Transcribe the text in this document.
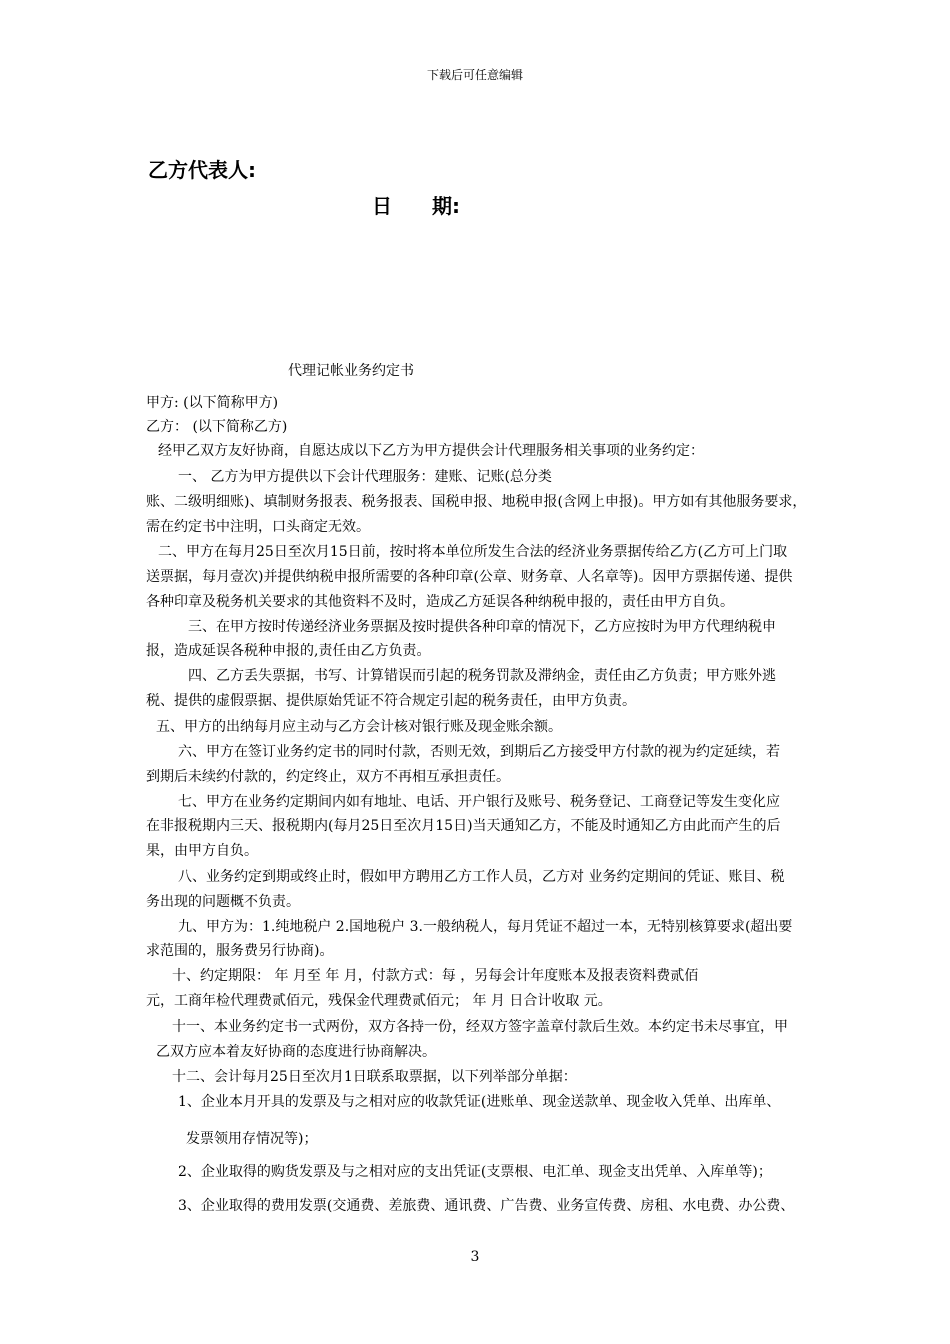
下载后可任意编辑
乙方代表人:
日　　期:
代理记帐业务约定书
甲方: (以下简称甲方)
乙方： (以下简称乙方)
经甲乙双方友好协商，自愿达成以下乙方为甲方提供会计代理服务相关事项的业务约定：
一、 乙方为甲方提供以下会计代理服务：建账、记账(总分类
账、二级明细账)、填制财务报表、税务报表、国税申报、地税申报(含网上申报)。甲方如有其他服务要求，
需在约定书中注明，口头商定无效。
二、甲方在每月25日至次月15日前，按时将本单位所发生合法的经济业务票据传给乙方(乙方可上门取
送票据，每月壹次)并提供纳税申报所需要的各种印章(公章、财务章、人名章等)。因甲方票据传递、提供
各种印章及税务机关要求的其他资料不及时，造成乙方延误各种纳税申报的，责任由甲方自负。
三、在甲方按时传递经济业务票据及按时提供各种印章的情况下，乙方应按时为甲方代理纳税申
报，造成延误各税种申报的,责任由乙方负责。
四、乙方丢失票据，书写、计算错误而引起的税务罚款及滞纳金，责任由乙方负责；甲方账外逃
税、提供的虚假票据、提供原始凭证不符合规定引起的税务责任，由甲方负责。
五、甲方的出纳每月应主动与乙方会计核对银行账及现金账余额。
六、甲方在签订业务约定书的同时付款，否则无效，到期后乙方接受甲方付款的视为约定延续，若
到期后未续约付款的，约定终止，双方不再相互承担责任。
七、甲方在业务约定期间内如有地址、电话、开户银行及账号、税务登记、工商登记等发生变化应
在非报税期内三天、报税期内(每月25日至次月15日)当天通知乙方，不能及时通知乙方由此而产生的后
果，由甲方自负。
八、业务约定到期或终止时，假如甲方聘用乙方工作人员，乙方对 业务约定期间的凭证、账目、税
务出现的问题概不负责。
九、甲方为：1.纯地税户 2.国地税户 3.一般纳税人，每月凭证不超过一本，无特别核算要求(超出要
求范围的，服务费另行协商)。
十、约定期限： 年 月至 年 月，付款方式：每 ，另每会计年度账本及报表资料费贰佰
元，工商年检代理费贰佰元，残保金代理费贰佰元； 年 月 日合计收取 元。
十一、本业务约定书一式两份，双方各持一份，经双方签字盖章付款后生效。本约定书未尽事宜，甲
乙双方应本着友好协商的态度进行协商解决。
十二、会计每月25日至次月1日联系取票据，以下列举部分单据：
1、企业本月开具的发票及与之相对应的收款凭证(进账单、现金送款单、现金收入凭单、出库单、
发票领用存情况等)；
2、企业取得的购货发票及与之相对应的支出凭证(支票根、电汇单、现金支出凭单、入库单等)；
3、企业取得的费用发票(交通费、差旅费、通讯费、广告费、业务宣传费、房租、水电费、办公费、
3
